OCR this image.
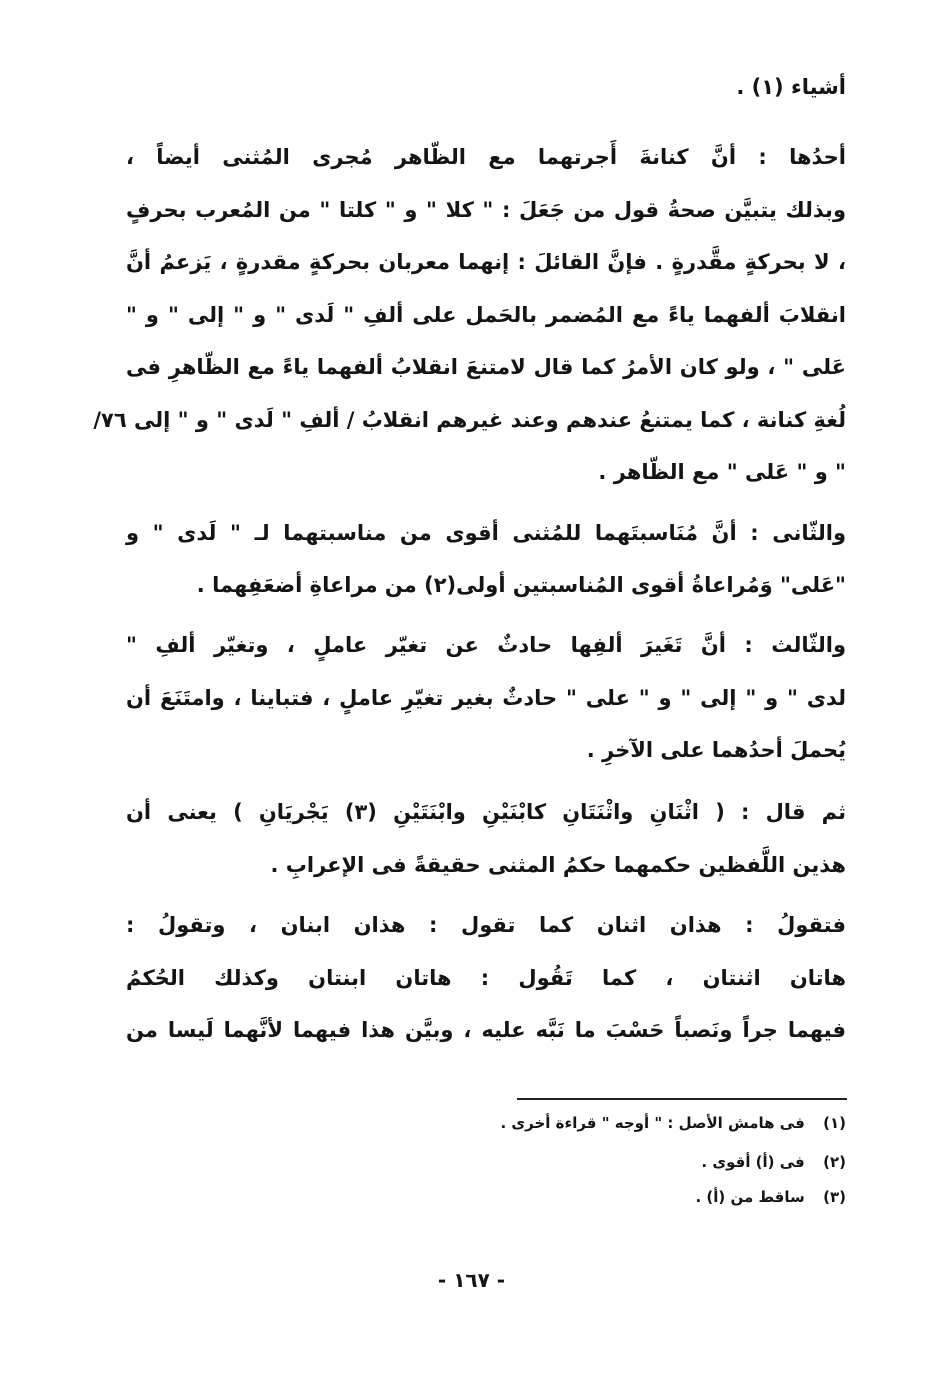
أشياء (١) .
أحدُها : أنَّ كنانةَ أَجرتهما مع الظّاهر مُجرى المُثنى أيضاً ،
وبذلك يتبيَّن صحةُ قول من جَعَلَ : " كلا " و " كلتا " من المُعرب بحرفٍ
، لا بحركةٍ مقَّدرةٍ . فإنَّ القائلَ : إنهما معربان بحركةٍ مقدرةٍ ، يَزعمُ أنَّ
انقلابَ ألفهما ياءً مع المُضمر بالحَمل على ألفِ " لَدى " و " إلى " و "
عَلى " ، ولو كان الأمرُ كما قال لامتنعَ انقلابُ ألفهما ياءً مع الظّاهرِ فى
لُغةِ كنانة ، كما يمتنعُ عندهم وعند غيرهم انقلابُ / ألفِ " لَدى " و " إلى ٧٦/
" و " عَلى " مع الظّاهر .
والثّانى : أنَّ مُنَاسبتَهما للمُثنى أقوى من مناسبتهما لـ " لَدى " و
"عَلى" وَمُراعاةُ أقوى المُناسبتين أولى(٢) من مراعاةِ أضعَفِهما .
والثّالث : أنَّ تَغَيرَ ألفِها حادثٌ عن تغيّر عاملٍ ، وتغيّر ألفِ "
لدى " و " إلى " و " على " حادثٌ بغير تغيّرِ عاملٍ ، فتباينا ، وامتَنَعَ أن
يُحملَ أحدُهما على الآخرِ .
ثم قال : ( اثْنَانِ واثْنَتَانِ كابْنَيْنِ وابْنَتَيْنِ (٣) يَجْريَانِ ) يعنى أن
هذين اللَّفظين حكمهما حكمُ المثنى حقيقةً فى الإعرابِ .
فتقولُ : هذان اثنان كما تقول : هذان ابنان ، وتقولُ :
هاتان اثنتان ، كما تَقُول : هاتان ابنتان وكذلك الحُكمُ
فيهما جراً ونَصباً حَسْبَ ما نَبَّه عليه ، وبيَّن هذا فيهما لأنَّهما لَيسا من
(١) فى هامش الأصل : " أوجه " قراءة أخرى .
(٢) فى (أ) أقوى .
(٣) ساقط من (أ) .
- ١٦٧ -
